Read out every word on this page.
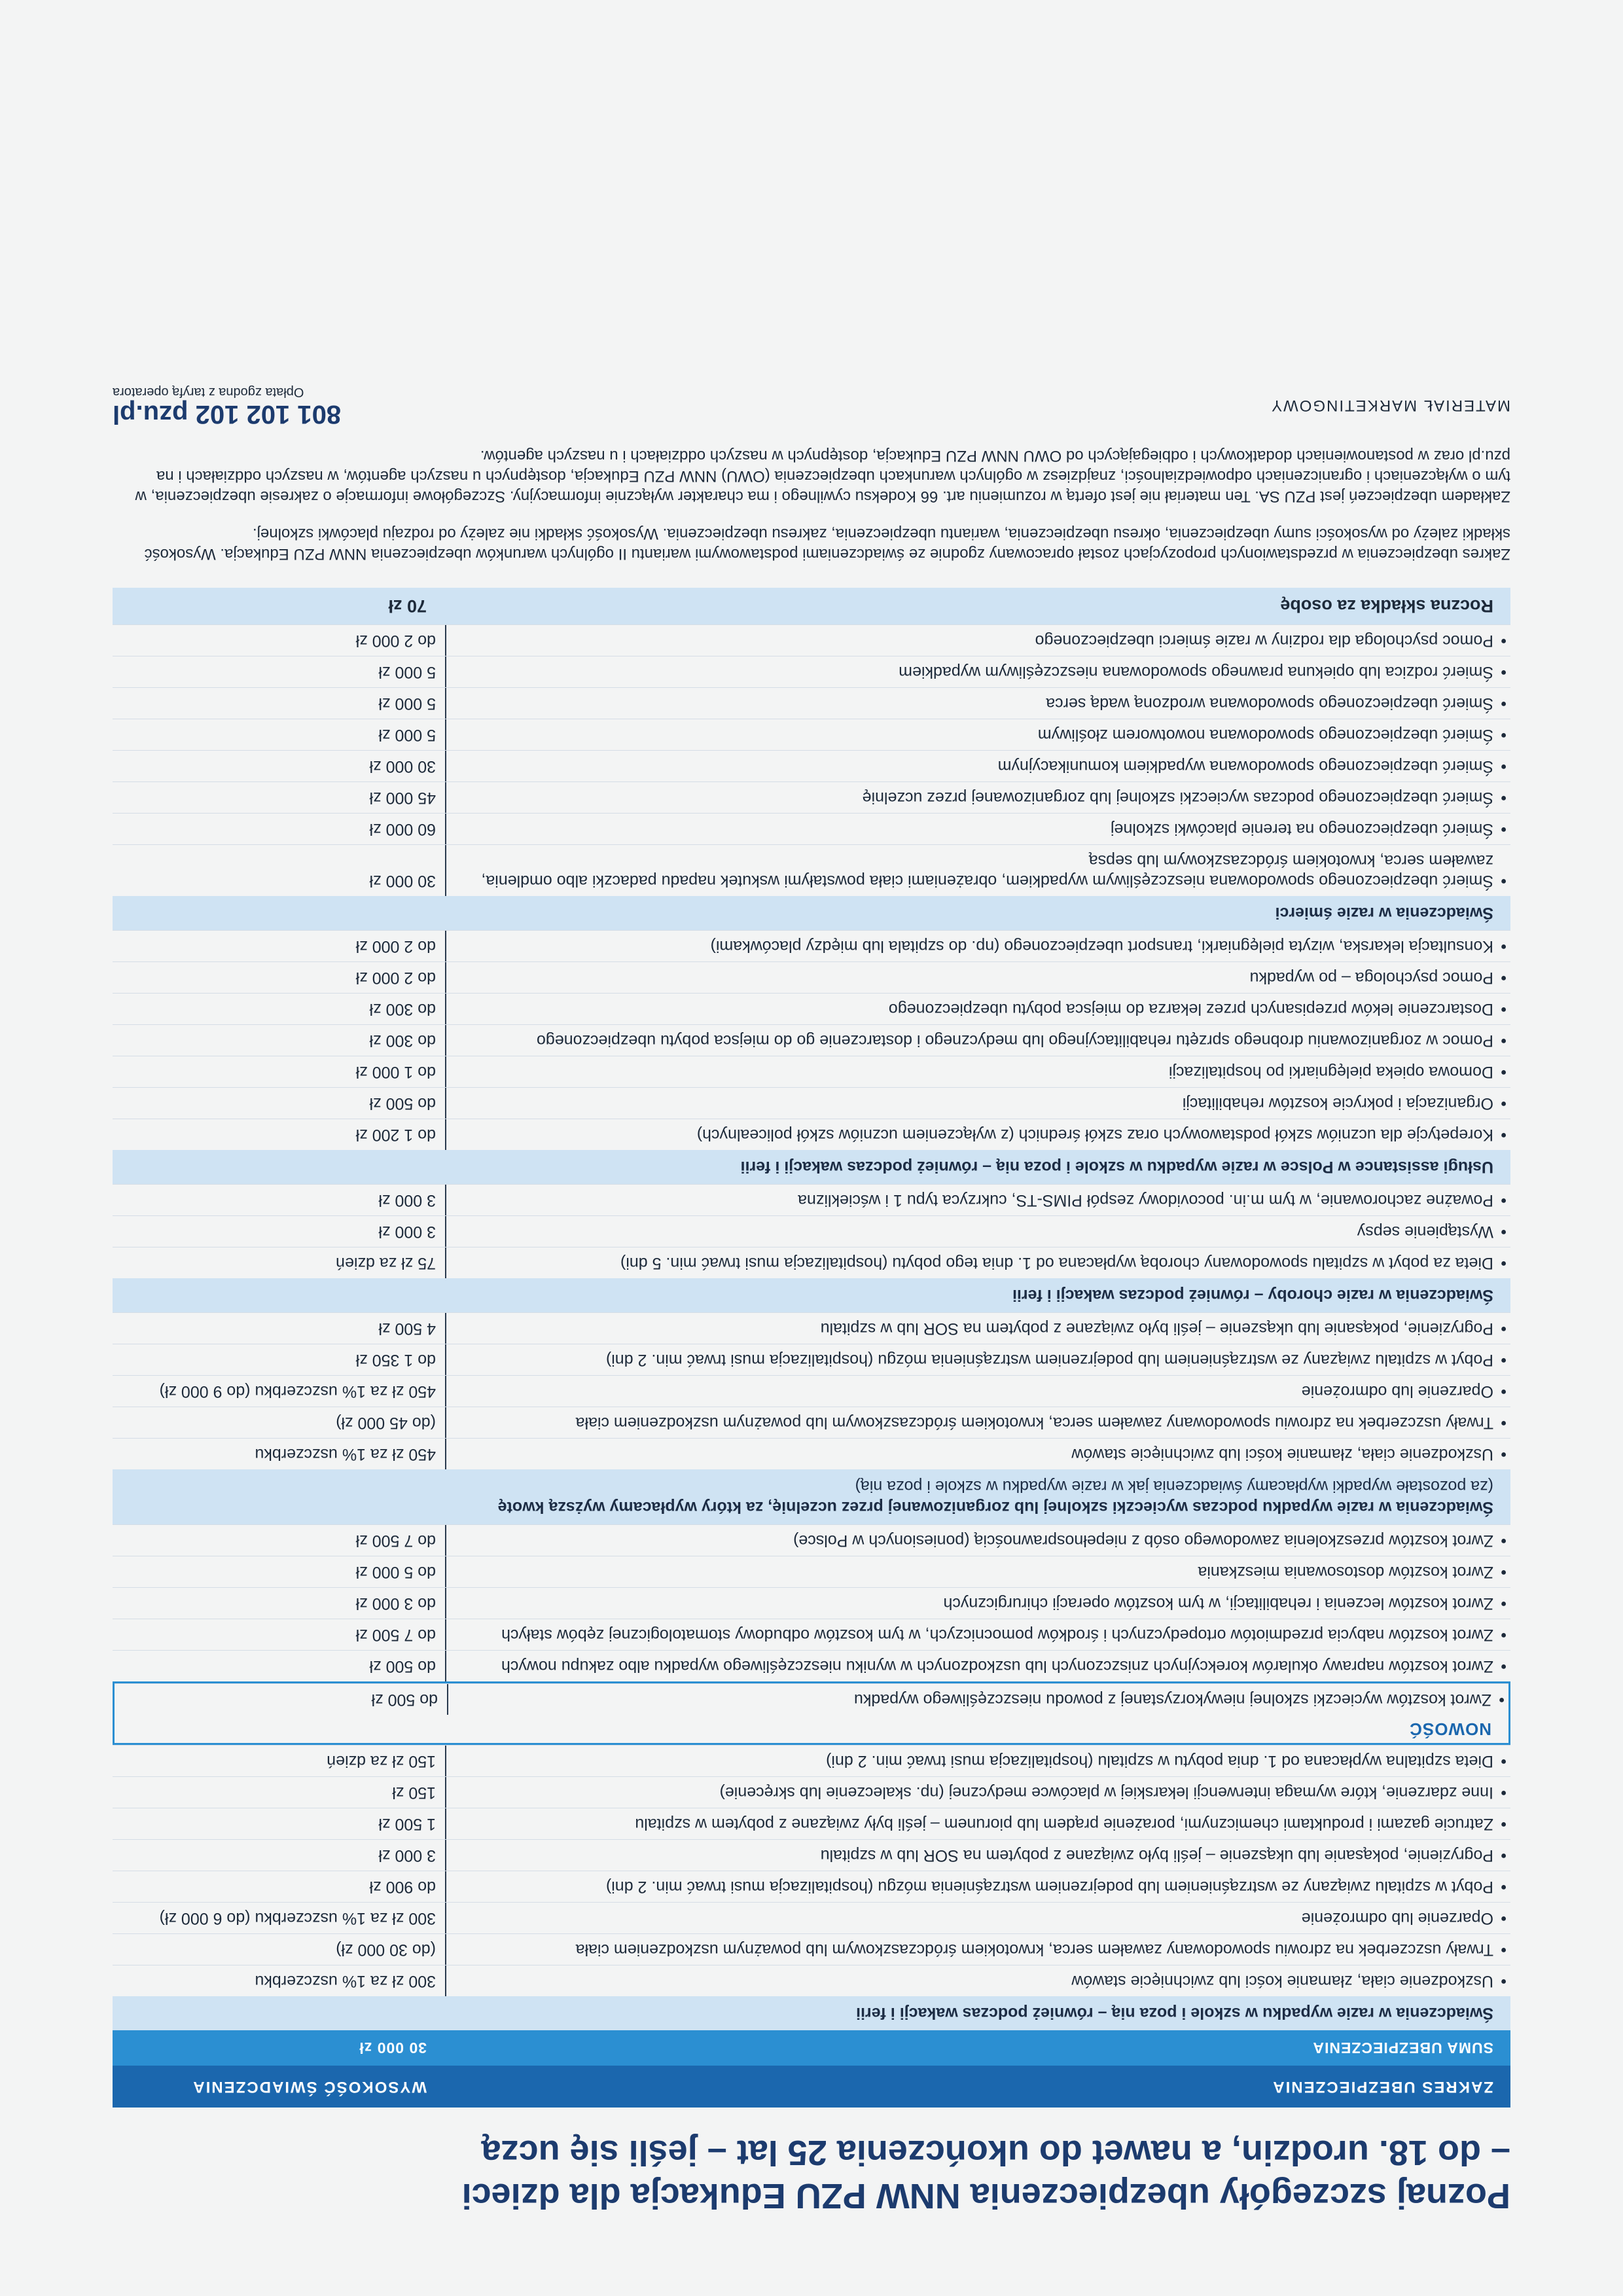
Poznaj szczegóły ubezpieczenia NNW PZU Edukacja dla dzieci
– do 18. urodzin, a nawet do ukończenia 25 lat – jeśli się uczą
ZAKRES UBEZPIECZENIA
WYSOKOŚĆ ŚWIADCZENIA
SUMA UBEZPIECZENIA
30 000 zł
Świadczenia w razie wypadku w szkole i poza nią – również podczas wakacji i ferii
•
Uszkodzenie ciała, złamanie kości lub zwichnięcie stawów
300 zł za 1% uszczerbku
•
Trwały uszczerbek na zdrowiu spowodowany zawałem serca, krwotokiem śródczaszkowym lub poważnym uszkodzeniem ciała
(do 30 000 zł)
•
Oparzenie lub odmrożenie
300 zł za 1% uszczerbku (do 6 000 zł)
•
Pobyt w szpitalu związany ze wstrząśnieniem lub podejrzeniem wstrząśnienia mózgu (hospitalizacja musi trwać min. 2 dni)
do 900 zł
•
Pogryzienie, pokąsanie lub ukąszenie – jeśli było związane z pobytem na SOR lub w szpitalu
3 000 zł
•
Zatrucie gazami i produktami chemicznymi, porażenie prądem lub piorunem – jeśli były związane z pobytem w szpitalu
1 500 zł
•
Inne zdarzenie, które wymaga interwencji lekarskiej w placówce medycznej (np. skaleczenie lub skręcenie)
150 zł
•
Dieta szpitalna wypłacana od 1. dnia pobytu w szpitalu (hospitalizacja musi trwać min. 2 dni)
150 zł za dzień
NOWOŚĆ
•
Zwrot kosztów wycieczki szkolnej niewykorzystanej z powodu nieszczęśliwego wypadku
do 500 zł
•
Zwrot kosztów naprawy okularów korekcyjnych zniszczonych lub uszkodzonych w wyniku nieszczęśliwego wypadku albo zakupu nowych
do 500 zł
•
Zwrot kosztów nabycia przedmiotów ortopedycznych i środków pomocniczych, w tym kosztów odbudowy stomatologicznej zębów stałych
do 7 500 zł
•
Zwrot kosztów leczenia i rehabilitacji, w tym kosztów operacji chirurgicznych
do 3 000 zł
•
Zwrot kosztów dostosowania mieszkania
do 5 000 zł
•
Zwrot kosztów przeszkolenia zawodowego osób z niepełnosprawnością (poniesionych w Polsce)
do 7 500 zł
Świadczenia w razie wypadku podczas wycieczki szkolnej lub zorganizowanej przez uczelnię, za który wypłacamy wyższą kwotę
(za pozostałe wypadki wypłacamy świadczenia jak w razie wypadku w szkole i poza nią)
•
Uszkodzenie ciała, złamanie kości lub zwichnięcie stawów
450 zł za 1% uszczerbku
•
Trwały uszczerbek na zdrowiu spowodowany zawałem serca, krwotokiem śródczaszkowym lub poważnym uszkodzeniem ciała
(do 45 000 zł)
•
Oparzenie lub odmrożenie
450 zł za 1% uszczerbku (do 9 000 zł)
•
Pobyt w szpitalu związany ze wstrząśnieniem lub podejrzeniem wstrząśnienia mózgu (hospitalizacja musi trwać min. 2 dni)
do 1 350 zł
•
Pogryzienie, pokąsanie lub ukąszenie – jeśli było związane z pobytem na SOR lub w szpitalu
4 500 zł
Świadczenia w razie choroby – również podczas wakacji i ferii
•
Dieta za pobyt w szpitalu spowodowany chorobą wypłacana od 1. dnia tego pobytu (hospitalizacja musi trwać min. 5 dni)
75 zł za dzień
•
Wystąpienie sepsy
3 000 zł
•
Poważne zachorowanie, w tym m.in. pocovidowy zespół PIMS-TS, cukrzyca typu 1 i wścieklizna
3 000 zł
Usługi assistance w Polsce w razie wypadku w szkole i poza nią – również podczas wakacji i ferii
•
Korepetycje dla uczniów szkół podstawowych oraz szkół średnich (z wyłączeniem uczniów szkół policealnych)
do 1 200 zł
•
Organizacja i pokrycie kosztów rehabilitacji
do 500 zł
•
Domowa opieka pielęgniarki po hospitalizacji
do 1 000 zł
•
Pomoc w zorganizowaniu drobnego sprzętu rehabilitacyjnego lub medycznego i dostarczenie go do miejsca pobytu ubezpieczonego
do 300 zł
•
Dostarczenie leków przepisanych przez lekarza do miejsca pobytu ubezpieczonego
do 300 zł
•
Pomoc psychologa – po wypadku
do 2 000 zł
•
Konsultacja lekarska, wizyta pielęgniarki, transport ubezpieczonego (np. do szpitala lub między placówkami)
do 2 000 zł
Świadczenia w razie śmierci
•
Śmierć ubezpieczonego spowodowana nieszczęśliwym wypadkiem, obrażeniami ciała powstałymi wskutek napadu padaczki albo omdlenia, zawałem serca, krwotokiem śródczaszkowym lub sepsą
30 000 zł
•
Śmierć ubezpieczonego na terenie placówki szkolnej
60 000 zł
•
Śmierć ubezpieczonego podczas wycieczki szkolnej lub zorganizowanej przez uczelnię
45 000 zł
•
Śmierć ubezpieczonego spowodowana wypadkiem komunikacyjnym
30 000 zł
•
Śmierć ubezpieczonego spowodowana nowotworem złośliwym
5 000 zł
•
Śmierć ubezpieczonego spowodowana wrodzoną wadą serca
5 000 zł
•
Śmierć rodzica lub opiekuna prawnego spowodowana nieszczęśliwym wypadkiem
5 000 zł
•
Pomoc psychologa dla rodziny w razie śmierci ubezpieczonego
do 2 000 zł
Roczna składka za osobę
70 zł

Zakres ubezpieczenia w przedstawionych propozycjach został opracowany zgodnie ze świadczeniami podstawowymi wariantu II ogólnych warunków ubezpieczenia NNW PZU Edukacja. Wysokość składki zależy od wysokości sumy ubezpieczenia, okresu ubezpieczenia, wariantu ubezpieczenia, zakresu ubezpieczenia. Wysokość składki nie zależy od rodzaju placówki szkolnej.

Zakładem ubezpieczeń jest PZU SA. Ten materiał nie jest ofertą w rozumieniu art. 66 Kodeksu cywilnego i ma charakter wyłącznie informacyjny. Szczegółowe informacje o zakresie ubezpieczenia, w tym o wyłączeniach i ograniczeniach odpowiedzialności, znajdziesz w ogólnych warunkach ubezpieczenia (OWU) NNW PZU Edukacja, dostępnych u naszych agentów, w naszych oddziałach i na pzu.pl oraz w postanowieniach dodatkowych i odbiegających od OWU NNW PZU Edukacja, dostępnych w naszych oddziałach i u naszych agentów.

MATERIAŁ MARKETINGOWY
801 102 102 pzu.pl
Opłata zgodna z taryfą operatora
